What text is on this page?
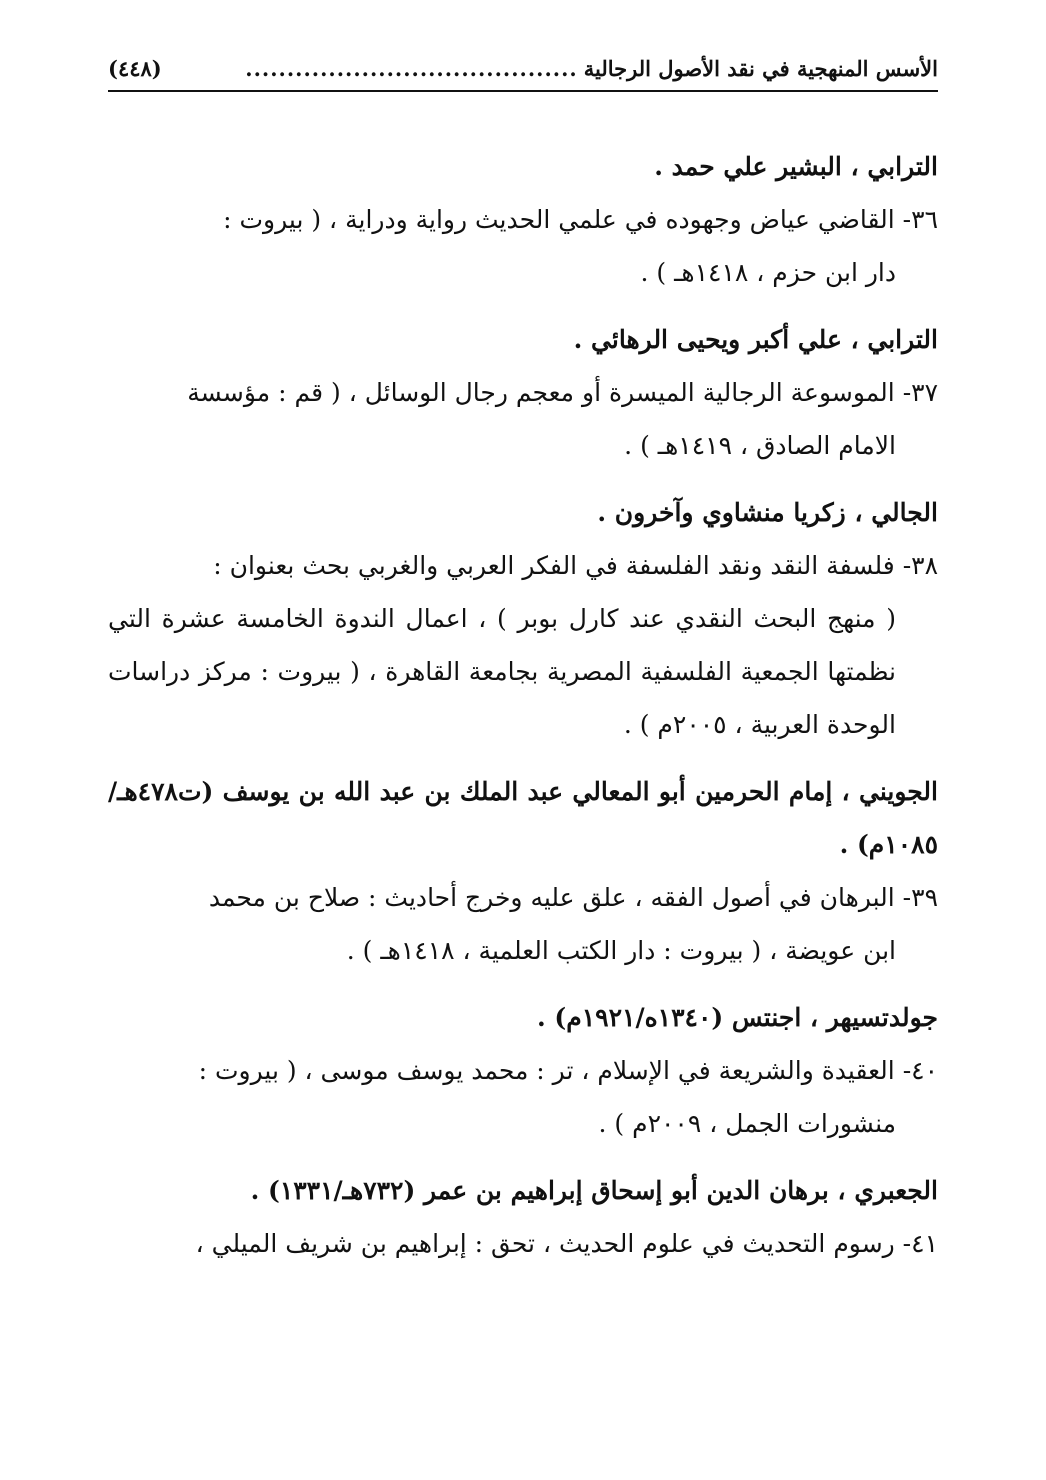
الأسس المنهجية في نقد الأصول الرجالية
........................................
(٤٤٨)

الترابي ، البشير علي حمد .

٣٦- القاضي عياض وجهوده في علمي الحديث رواية ودراية ، ( بيروت :
دار ابن حزم ، ١٤١٨هـ ) .

الترابي ، علي أكبر ويحيى الرهائي .

٣٧- الموسوعة الرجالية الميسرة أو معجم رجال الوسائل ، ( قم : مؤسسة
الامام الصادق ، ١٤١٩هـ ) .

الجالي ، زكريا منشاوي وآخرون .

٣٨- فلسفة النقد ونقد الفلسفة في الفكر العربي والغربي بحث بعنوان :
( منهج البحث النقدي عند كارل بوبر ) ، اعمال الندوة الخامسة عشرة التي نظمتها الجمعية الفلسفية المصرية بجامعة القاهرة ، ( بيروت : مركز دراسات الوحدة العربية ، ٢٠٠٥م ) .

الجويني ، إمام الحرمين أبو المعالي عبد الملك بن عبد الله بن يوسف (ت٤٧٨هـ/١٠٨٥م) .

٣٩- البرهان في أصول الفقه ، علق عليه وخرج أحاديث : صلاح بن محمد
ابن عويضة ، ( بيروت : دار الكتب العلمية ، ١٤١٨هـ ) .

جولدتسيهر ، اجنتس (١٣٤٠ه/١٩٢١م) .

٤٠- العقيدة والشريعة في الإسلام ، تر : محمد يوسف موسى ، ( بيروت :
منشورات الجمل ، ٢٠٠٩م ) .

الجعبري ، برهان الدين أبو إسحاق إبراهيم بن عمر (٧٣٢هـ/١٣٣١) .

٤١- رسوم التحديث في علوم الحديث ، تحق : إبراهيم بن شريف الميلي ،
